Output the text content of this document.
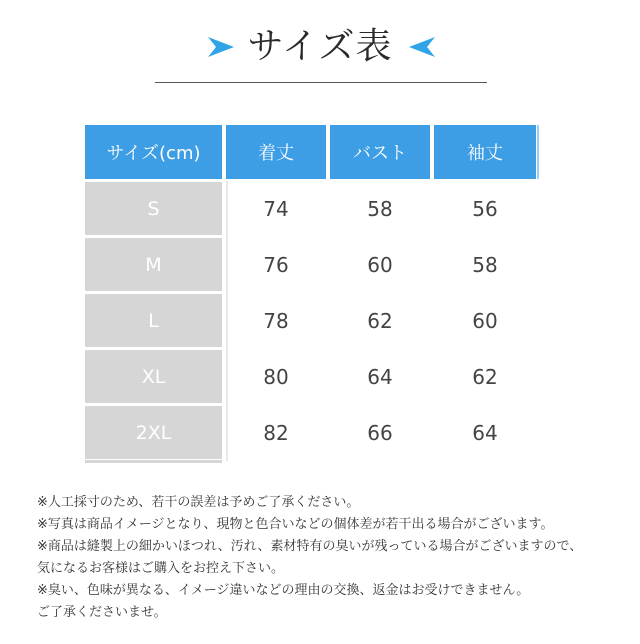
サイズ表
サイズ(cm)	着丈	バスト	袖丈
S	74	58	56
M	76	60	58
L	78	62	60
XL	80	64	62
2XL	82	66	64
※人工採寸のため、若干の誤差は予めご了承ください。
※写真は商品イメージとなり、現物と色合いなどの個体差が若干出る場合がございます。
※商品は縫製上の細かいほつれ、汚れ、素材特有の臭いが残っている場合がございますので、
気になるお客様はご購入をお控え下さい。
※臭い、色味が異なる、イメージ違いなどの理由の交換、返金はお受けできません。
ご了承くださいませ。
